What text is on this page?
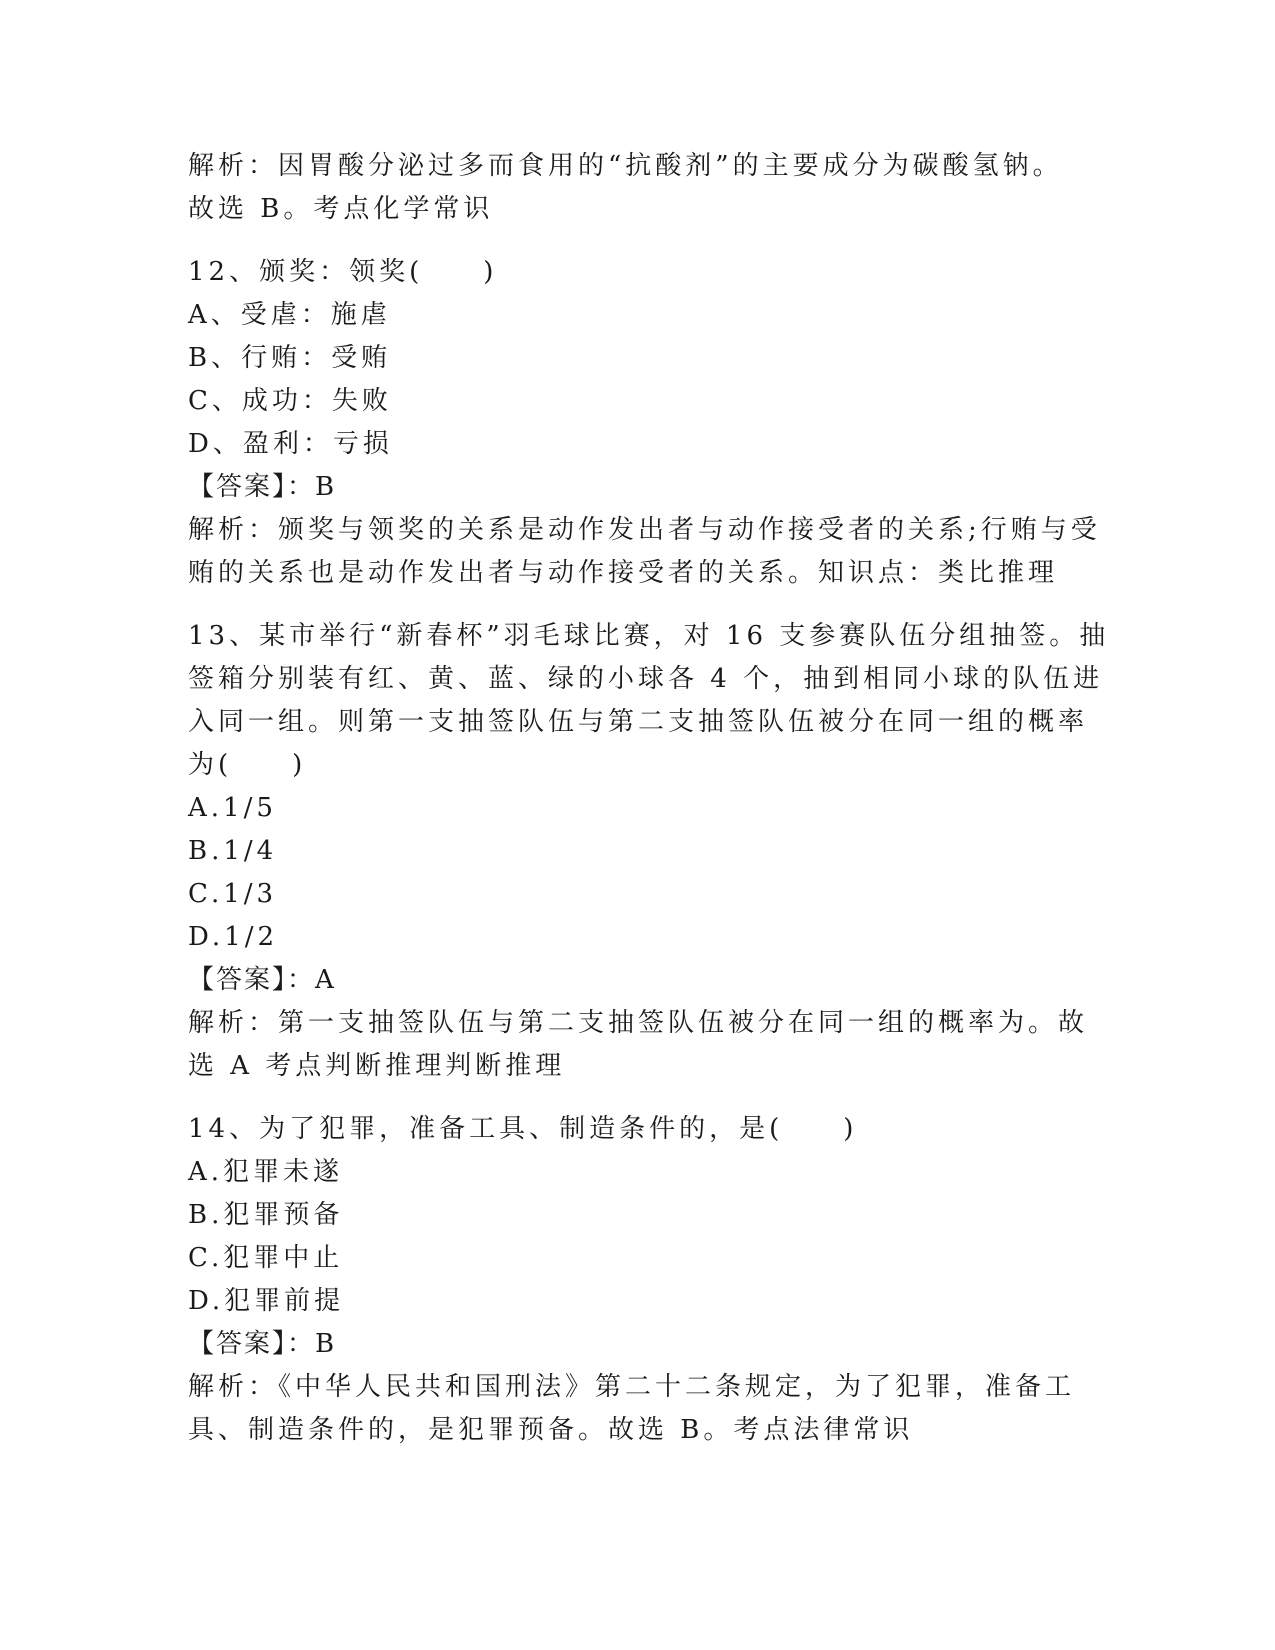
解析：因胃酸分泌过多而食用的“抗酸剂”的主要成分为碳酸氢钠。
故选 B。考点化学常识
12、颁奖：领奖(　　)
A、受虐：施虐
B、行贿：受贿
C、成功：失败
D、盈利：亏损
【答案】：B
解析：颁奖与领奖的关系是动作发出者与动作接受者的关系;行贿与受
贿的关系也是动作发出者与动作接受者的关系。知识点：类比推理
13、某市举行“新春杯”羽毛球比赛，对 16 支参赛队伍分组抽签。抽
签箱分别装有红、黄、蓝、绿的小球各 4 个，抽到相同小球的队伍进
入同一组。则第一支抽签队伍与第二支抽签队伍被分在同一组的概率
为(　　)
A.1/5
B.1/4
C.1/3
D.1/2
【答案】：A
解析：第一支抽签队伍与第二支抽签队伍被分在同一组的概率为。故
选 A 考点判断推理判断推理
14、为了犯罪，准备工具、制造条件的，是(　　)
A.犯罪未遂
B.犯罪预备
C.犯罪中止
D.犯罪前提
【答案】：B
解析：《中华人民共和国刑法》第二十二条规定，为了犯罪，准备工
具、制造条件的，是犯罪预备。故选 B。考点法律常识
